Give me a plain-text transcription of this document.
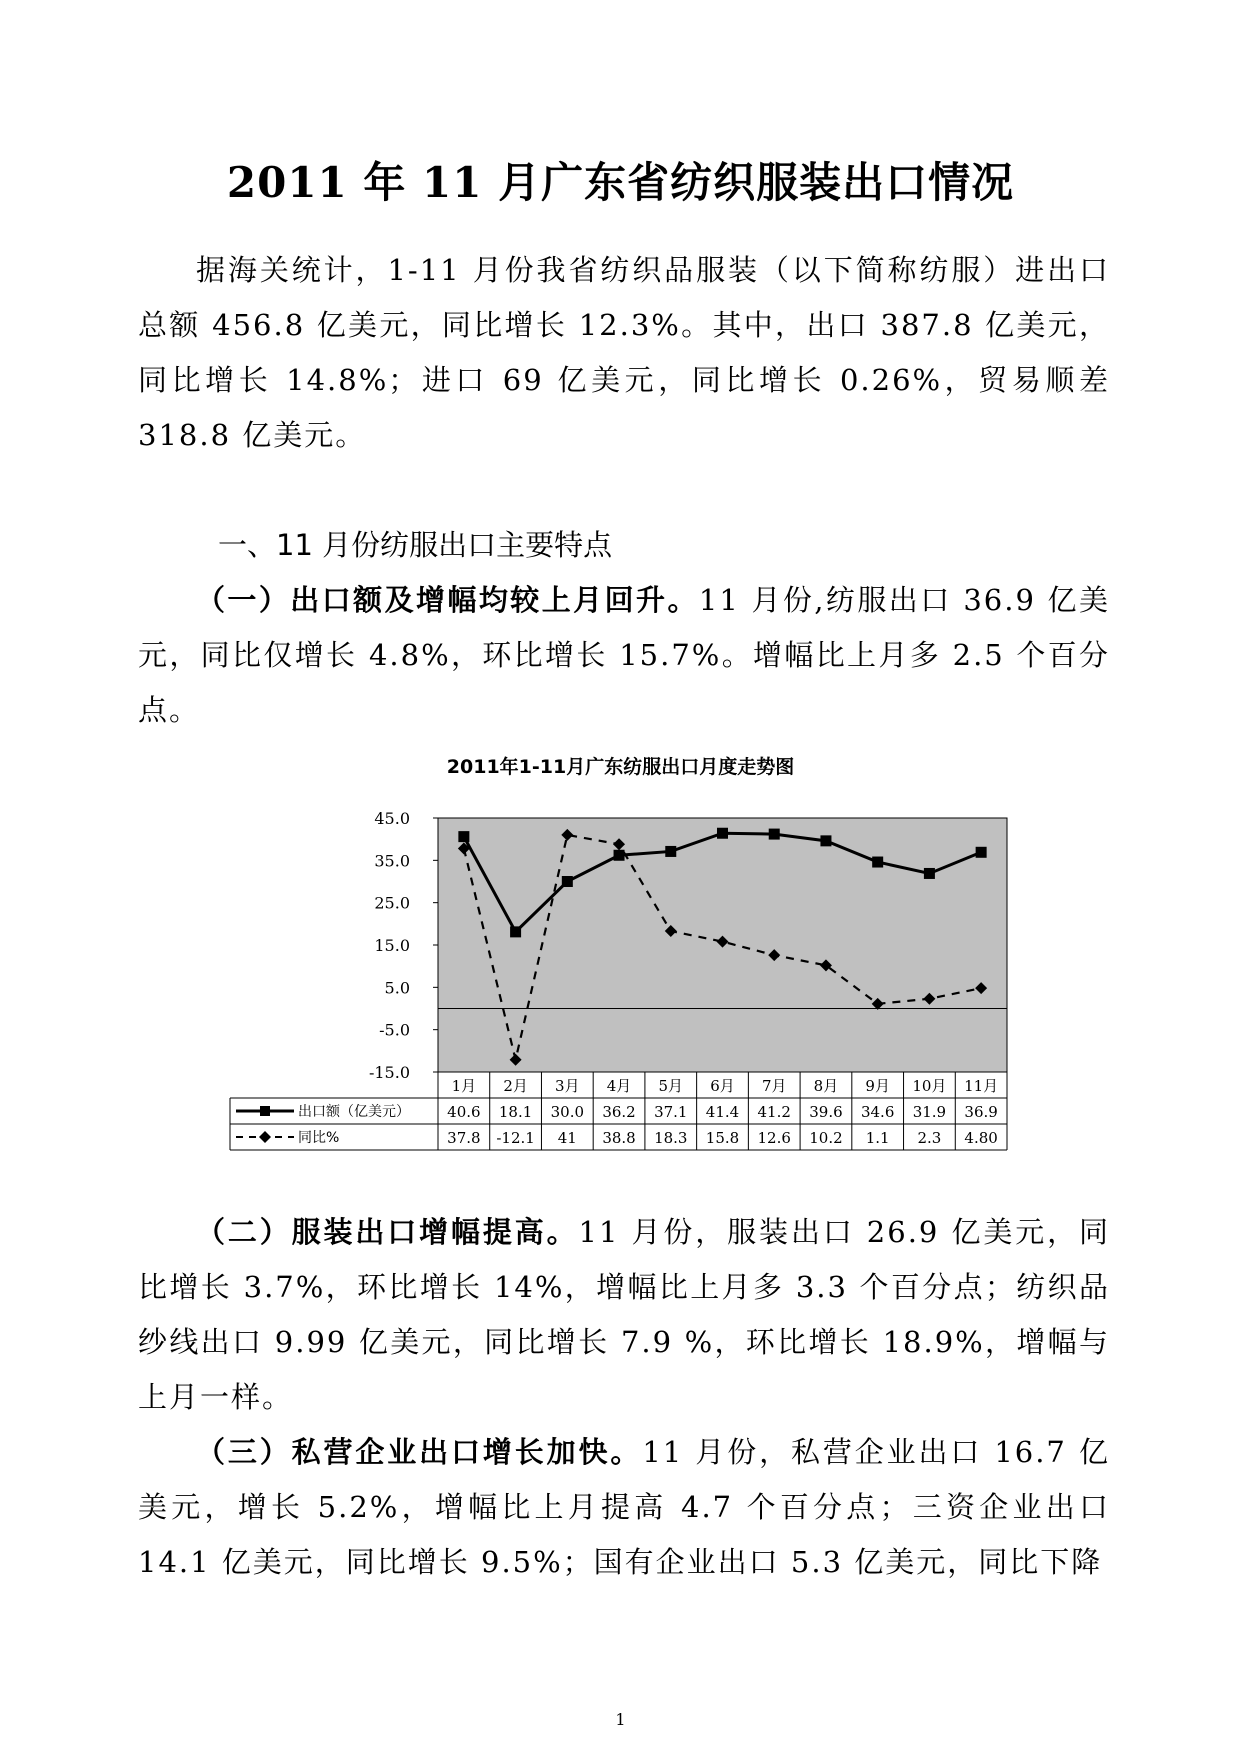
2011 年 11 月广东省纺织服装出口情况
据海关统计，1-11 月份我省纺织品服装（以下简称纺服）进出口总额 456.8 亿美元，同比增长 12.3%。其中，出口 387.8 亿美元，同比增长 14.8%；进口 69 亿美元，同比增长 0.26%，贸易顺差 318.8 亿美元。
一、11 月份纺服出口主要特点
（一）出口额及增幅均较上月回升。11 月份,纺服出口 36.9 亿美元，同比仅增长 4.8%，环比增长 15.7%。增幅比上月多 2.5 个百分点。
2011年1-11月广东纺服出口月度走势图
45.0
35.0
25.0
15.0
5.0
-5.0
-15.0
1月 2月 3月 4月 5月 6月 7月 8月 9月 10月 11月
出口额（亿美元） 40.6 18.1 30.0 36.2 37.1 41.4 41.2 39.6 34.6 31.9 36.9
同比%	37.8 -12.1 41 38.8 18.3 15.8 12.6 10.2 1.1 2.3 4.80
（二）服装出口增幅提高。11 月份，服装出口 26.9 亿美元，同比增长 3.7%，环比增长 14%，增幅比上月多 3.3 个百分点；纺织品纱线出口 9.99 亿美元，同比增长 7.9 %，环比增长 18.9%，增幅与上月一样。
（三）私营企业出口增长加快。11 月份，私营企业出口 16.7 亿美元，增长 5.2%，增幅比上月提高 4.7 个百分点；三资企业出口 14.1 亿美元，同比增长 9.5%；国有企业出口 5.3 亿美元，同比下降
1
